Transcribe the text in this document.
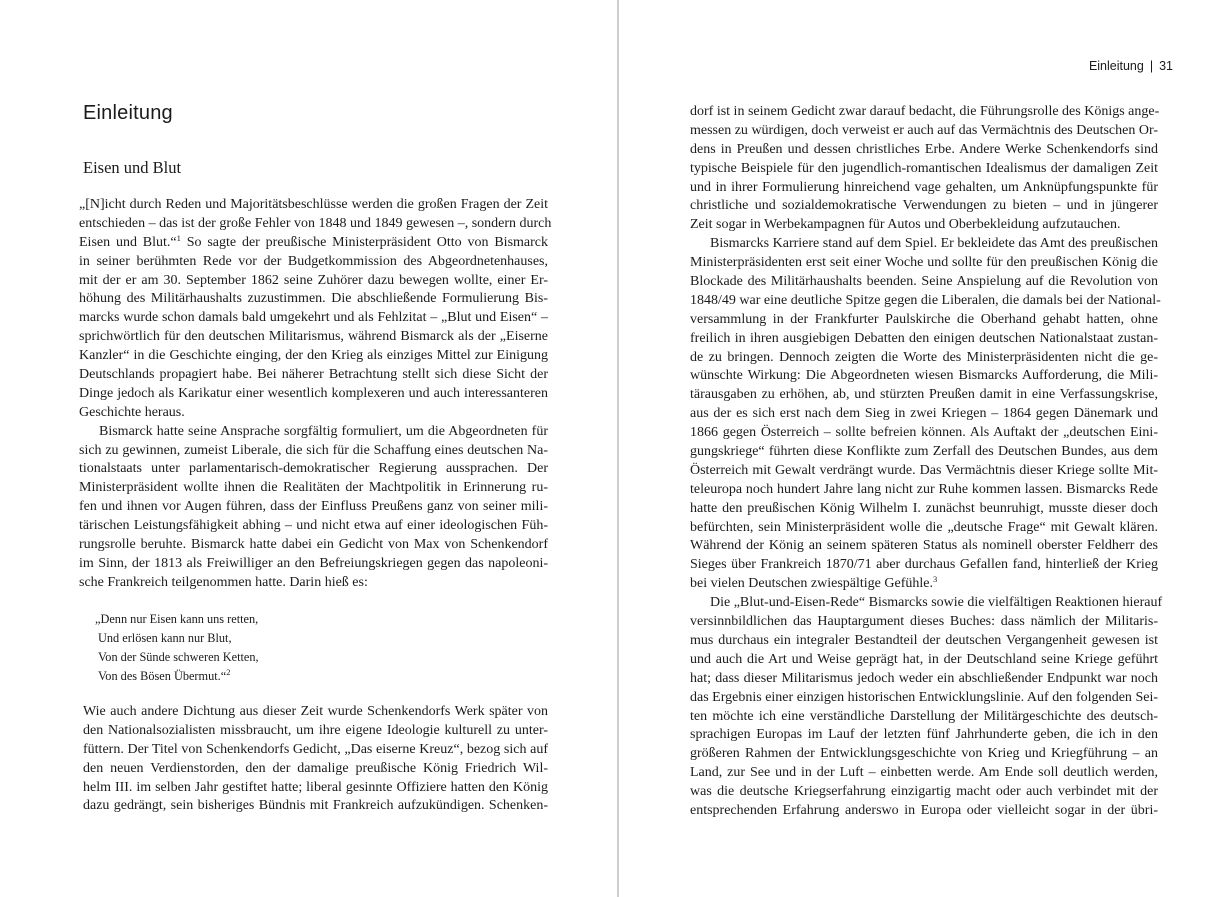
Einleitung
Eisen und Blut
„[N]icht durch Reden und Majoritätsbeschlüsse werden die großen Fragen der Zeit
entschieden – das ist der große Fehler von 1848 und 1849 gewesen –, sondern durch
Eisen und Blut.“$^1$ So sagte der preußische Ministerpräsident Otto von Bismarck
in seiner berühmten Rede vor der Budgetkommission des Abgeordnetenhauses,
mit der er am 30. September 1862 seine Zuhörer dazu bewegen wollte, einer Er-
höhung des Militärhaushalts zuzustimmen. Die abschließende Formulierung Bis-
marcks wurde schon damals bald umgekehrt und als Fehlzitat – „Blut und Eisen“ –
sprichwörtlich für den deutschen Militarismus, während Bismarck als der „Eiserne
Kanzler“ in die Geschichte einging, der den Krieg als einziges Mittel zur Einigung
Deutschlands propagiert habe. Bei näherer Betrachtung stellt sich diese Sicht der
Dinge jedoch als Karikatur einer wesentlich komplexeren und auch interessanteren
Geschichte heraus.
Bismarck hatte seine Ansprache sorgfältig formuliert, um die Abgeordneten für
sich zu gewinnen, zumeist Liberale, die sich für die Schaffung eines deutschen Na-
tionalstaats unter parlamentarisch-demokratischer Regierung aussprachen. Der
Ministerpräsident wollte ihnen die Realitäten der Machtpolitik in Erinnerung ru-
fen und ihnen vor Augen führen, dass der Einfluss Preußens ganz von seiner mili-
tärischen Leistungsfähigkeit abhing – und nicht etwa auf einer ideologischen Füh-
rungsrolle beruhte. Bismarck hatte dabei ein Gedicht von Max von Schenkendorf
im Sinn, der 1813 als Freiwilliger an den Befreiungskriegen gegen das napoleoni-
sche Frankreich teilgenommen hatte. Darin hieß es:
„Denn nur Eisen kann uns retten,
Und erlösen kann nur Blut,
Von der Sünde schweren Ketten,
Von des Bösen Übermut.“$^2$
Wie auch andere Dichtung aus dieser Zeit wurde Schenkendorfs Werk später von
den Nationalsozialisten missbraucht, um ihre eigene Ideologie kulturell zu unter-
füttern. Der Titel von Schenkendorfs Gedicht, „Das eiserne Kreuz“, bezog sich auf
den neuen Verdienstorden, den der damalige preußische König Friedrich Wil-
helm III. im selben Jahr gestiftet hatte; liberal gesinnte Offiziere hatten den König
dazu gedrängt, sein bisheriges Bündnis mit Frankreich aufzukündigen. Schenken-
Einleitung | 31
dorf ist in seinem Gedicht zwar darauf bedacht, die Führungsrolle des Königs ange-
messen zu würdigen, doch verweist er auch auf das Vermächtnis des Deutschen Or-
dens in Preußen und dessen christliches Erbe. Andere Werke Schenkendorfs sind
typische Beispiele für den jugendlich-romantischen Idealismus der damaligen Zeit
und in ihrer Formulierung hinreichend vage gehalten, um Anknüpfungspunkte für
christliche und sozialdemokratische Verwendungen zu bieten – und in jüngerer
Zeit sogar in Werbekampagnen für Autos und Oberbekleidung aufzutauchen.
Bismarcks Karriere stand auf dem Spiel. Er bekleidete das Amt des preußischen
Ministerpräsidenten erst seit einer Woche und sollte für den preußischen König die
Blockade des Militärhaushalts beenden. Seine Anspielung auf die Revolution von
1848/49 war eine deutliche Spitze gegen die Liberalen, die damals bei der National-
versammlung in der Frankfurter Paulskirche die Oberhand gehabt hatten, ohne
freilich in ihren ausgiebigen Debatten den einigen deutschen Nationalstaat zustan-
de zu bringen. Dennoch zeigten die Worte des Ministerpräsidenten nicht die ge-
wünschte Wirkung: Die Abgeordneten wiesen Bismarcks Aufforderung, die Mili-
tärausgaben zu erhöhen, ab, und stürzten Preußen damit in eine Verfassungskrise,
aus der es sich erst nach dem Sieg in zwei Kriegen – 1864 gegen Dänemark und
1866 gegen Österreich – sollte befreien können. Als Auftakt der „deutschen Eini-
gungskriege“ führten diese Konflikte zum Zerfall des Deutschen Bundes, aus dem
Österreich mit Gewalt verdrängt wurde. Das Vermächtnis dieser Kriege sollte Mit-
teleuropa noch hundert Jahre lang nicht zur Ruhe kommen lassen. Bismarcks Rede
hatte den preußischen König Wilhelm I. zunächst beunruhigt, musste dieser doch
befürchten, sein Ministerpräsident wolle die „deutsche Frage“ mit Gewalt klären.
Während der König an seinem späteren Status als nominell oberster Feldherr des
Sieges über Frankreich 1870/71 aber durchaus Gefallen fand, hinterließ der Krieg
bei vielen Deutschen zwiespältige Gefühle.$^3$
Die „Blut-und-Eisen-Rede“ Bismarcks sowie die vielfältigen Reaktionen hierauf
versinnbildlichen das Hauptargument dieses Buches: dass nämlich der Militaris-
mus durchaus ein integraler Bestandteil der deutschen Vergangenheit gewesen ist
und auch die Art und Weise geprägt hat, in der Deutschland seine Kriege geführt
hat; dass dieser Militarismus jedoch weder ein abschließender Endpunkt war noch
das Ergebnis einer einzigen historischen Entwicklungslinie. Auf den folgenden Sei-
ten möchte ich eine verständliche Darstellung der Militärgeschichte des deutsch-
sprachigen Europas im Lauf der letzten fünf Jahrhunderte geben, die ich in den
größeren Rahmen der Entwicklungsgeschichte von Krieg und Kriegführung – an
Land, zur See und in der Luft – einbetten werde. Am Ende soll deutlich werden,
was die deutsche Kriegserfahrung einzigartig macht oder auch verbindet mit der
entsprechenden Erfahrung anderswo in Europa oder vielleicht sogar in der übri-
